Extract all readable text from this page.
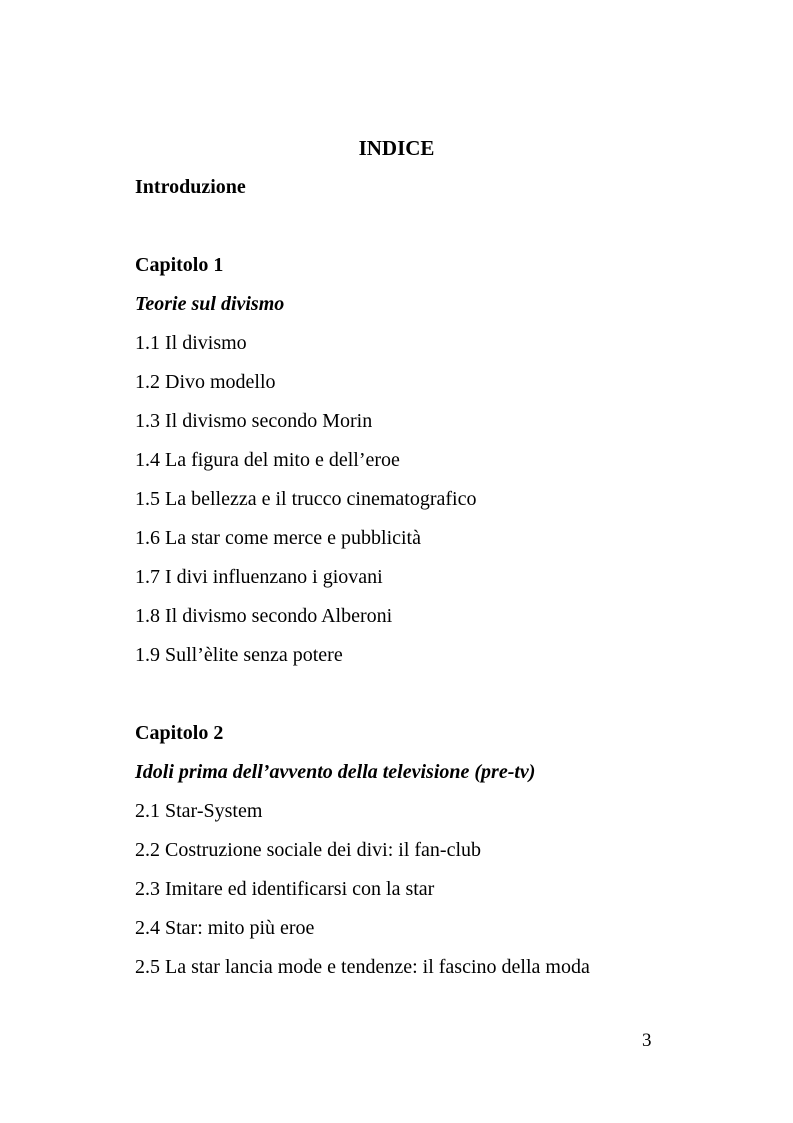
INDICE
Introduzione
Capitolo 1
Teorie sul divismo
1.1 Il divismo
1.2 Divo modello
1.3 Il divismo secondo Morin
1.4 La figura del mito e dell’eroe
1.5 La bellezza e il trucco cinematografico
1.6 La star come merce e pubblicità
1.7 I divi influenzano i giovani
1.8 Il divismo secondo Alberoni
1.9 Sull’èlite senza potere
Capitolo 2
Idoli prima dell’avvento della televisione (pre-tv)
2.1 Star-System
2.2 Costruzione sociale dei divi: il fan-club
2.3 Imitare ed identificarsi con la star
2.4 Star: mito più eroe
2.5 La star lancia mode e tendenze: il fascino della moda
3
